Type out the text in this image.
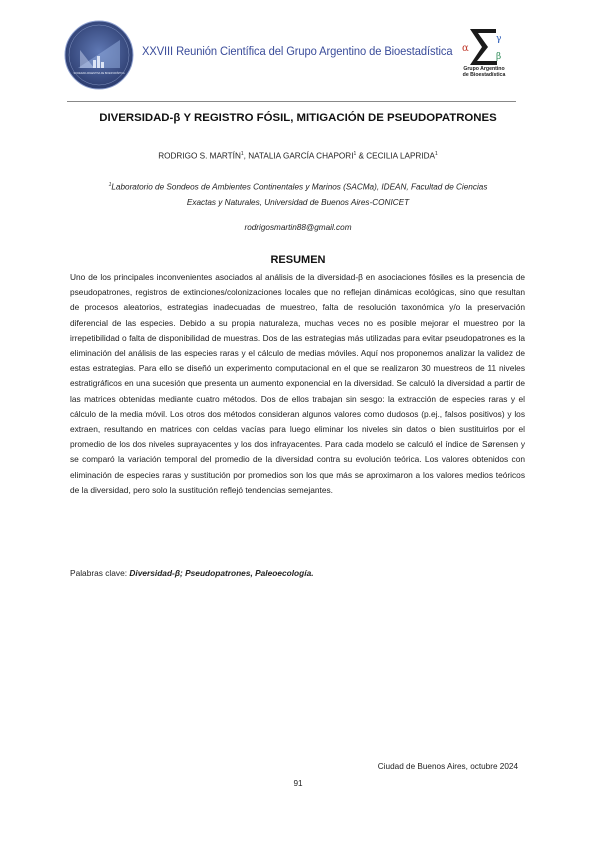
SOCIEDAD ARGENTINA DE BIOESTADÍSTICA
XXVIII Reunión Científica del Grupo Argentino de Bioestadística α
γ
β
Grupo Argentino
de Bioestadística
DIVERSIDAD-β Y REGISTRO FÓSIL, MITIGACIÓN DE PSEUDOPATRONES
RODRIGO S. MARTÍN$^1$, NATALIA GARCÍA CHAPORI$^1$ & CECILIA LAPRIDA$^1$
$^1$Laboratorio de Sondeos de Ambientes Continentales y Marinos (SACMa), IDEAN, Facultad de Ciencias Exactas y Naturales, Universidad de Buenos Aires-CONICET
rodrigosmartin88@gmail.com
RESUMEN

Uno de los principales inconvenientes asociados al análisis de la diversidad-β en asociaciones fósiles es la presencia de pseudopatrones, registros de extinciones/colonizaciones locales que no reflejan dinámicas ecológicas, sino que resultan de procesos aleatorios, estrategias inadecuadas de muestreo, falta de resolución taxonómica y/o la preservación diferencial de las especies. Debido a su propia naturaleza, muchas veces no es posible mejorar el muestreo por la irrepetibilidad o falta de disponibilidad de muestras. Dos de las estrategias más utilizadas para evitar pseudopatrones es la eliminación del análisis de las especies raras y el cálculo de medias móviles. Aquí nos proponemos analizar la validez de estas estrategias. Para ello se diseñó un experimento computacional en el que se realizaron 30 muestreos de 11 niveles estratigráficos en una sucesión que presenta un aumento exponencial en la diversidad. Se calculó la diversidad a partir de las matrices obtenidas mediante cuatro métodos. Dos de ellos trabajan sin sesgo: la extracción de especies raras y el cálculo de la media móvil. Los otros dos métodos consideran algunos valores como dudosos (p.ej., falsos positivos) y los extraen, resultando en matrices con celdas vacías para luego eliminar los niveles sin datos o bien sustituirlos por el promedio de los dos niveles suprayacentes y los dos infrayacentes. Para cada modelo se calculó el índice de Sørensen y se comparó la variación temporal del promedio de la diversidad contra su evolución teórica. Los valores obtenidos con eliminación de especies raras y sustitución por promedios son los que más se aproximaron a los valores medios teóricos de la diversidad, pero solo la sustitución reflejó tendencias semejantes.

Palabras clave: Diversidad-β; Pseudopatrones, Paleoecología.
Ciudad de Buenos Aires, octubre 2024
91
